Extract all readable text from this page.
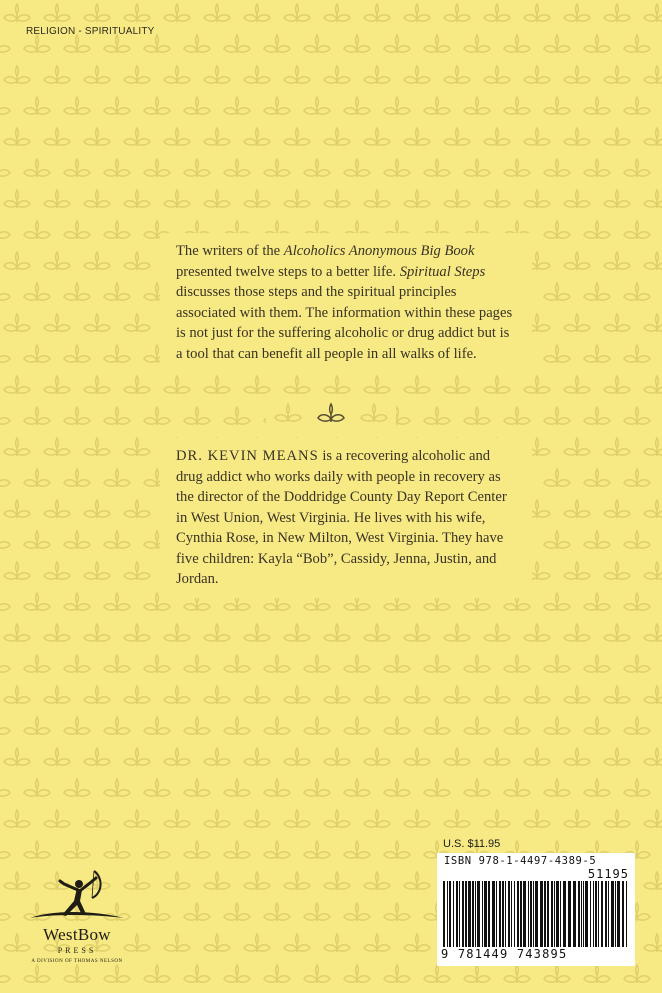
RELIGION - SPIRITUALITY

The writers of the Alcoholics Anonymous Big Book presented twelve steps to a better life. Spiritual Steps discusses those steps and the spiritual principles associated with them. The information within these pages is not just for the suffering alcoholic or drug addict but is a tool that can benefit all people in all walks of life.

DR. KEVIN MEANS is a recovering alcoholic and drug addict who works daily with people in recovery as the director of the Doddridge County Day Report Center in West Union, West Virginia. He lives with his wife, Cynthia Rose, in New Milton, West Virginia. They have five children: Kayla “Bob”, Cassidy, Jenna, Justin, and Jordan.

U.S. $11.95
ISBN 978-1-4497-4389-5
51195
9 781449 743895
WestBow
PRESS
A DIVISION OF THOMAS NELSON
